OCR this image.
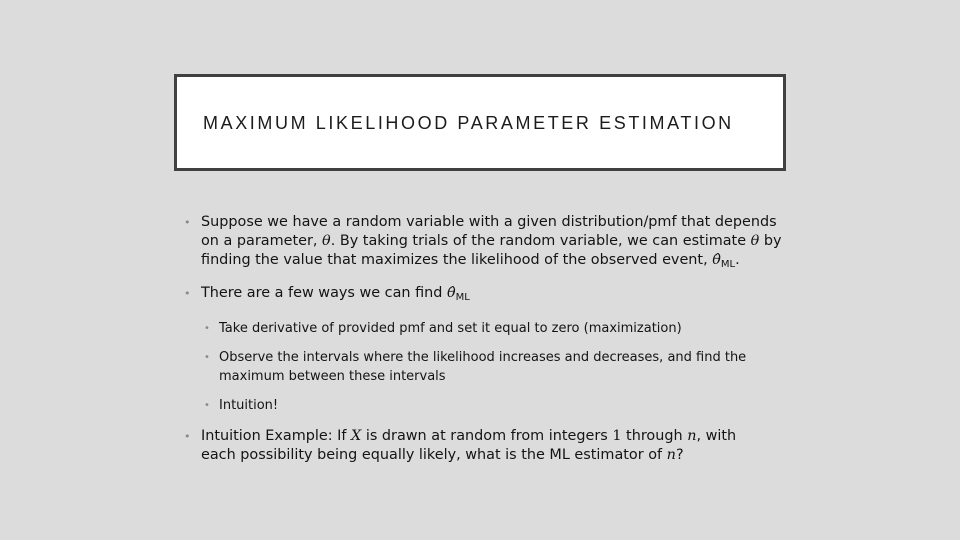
MAXIMUM LIKELIHOOD PARAMETER ESTIMATION
• Suppose we have a random variable with a given distribution/pmf that depends
on a parameter, θ. By taking trials of the random variable, we can estimate θ by
finding the value that maximizes the likelihood of the observed event, $\thetâ_{ML}$.
• There are a few ways we can find $\thetâ_{ML}$
• Take derivative of provided pmf and set it equal to zero (maximization)
• Observe the intervals where the likelihood increases and decreases, and find the
maximum between these intervals
• Intuition!
• Intuition Example: If X is drawn at random from integers 1 through n, with
each possibility being equally likely, what is the ML estimator of n?
